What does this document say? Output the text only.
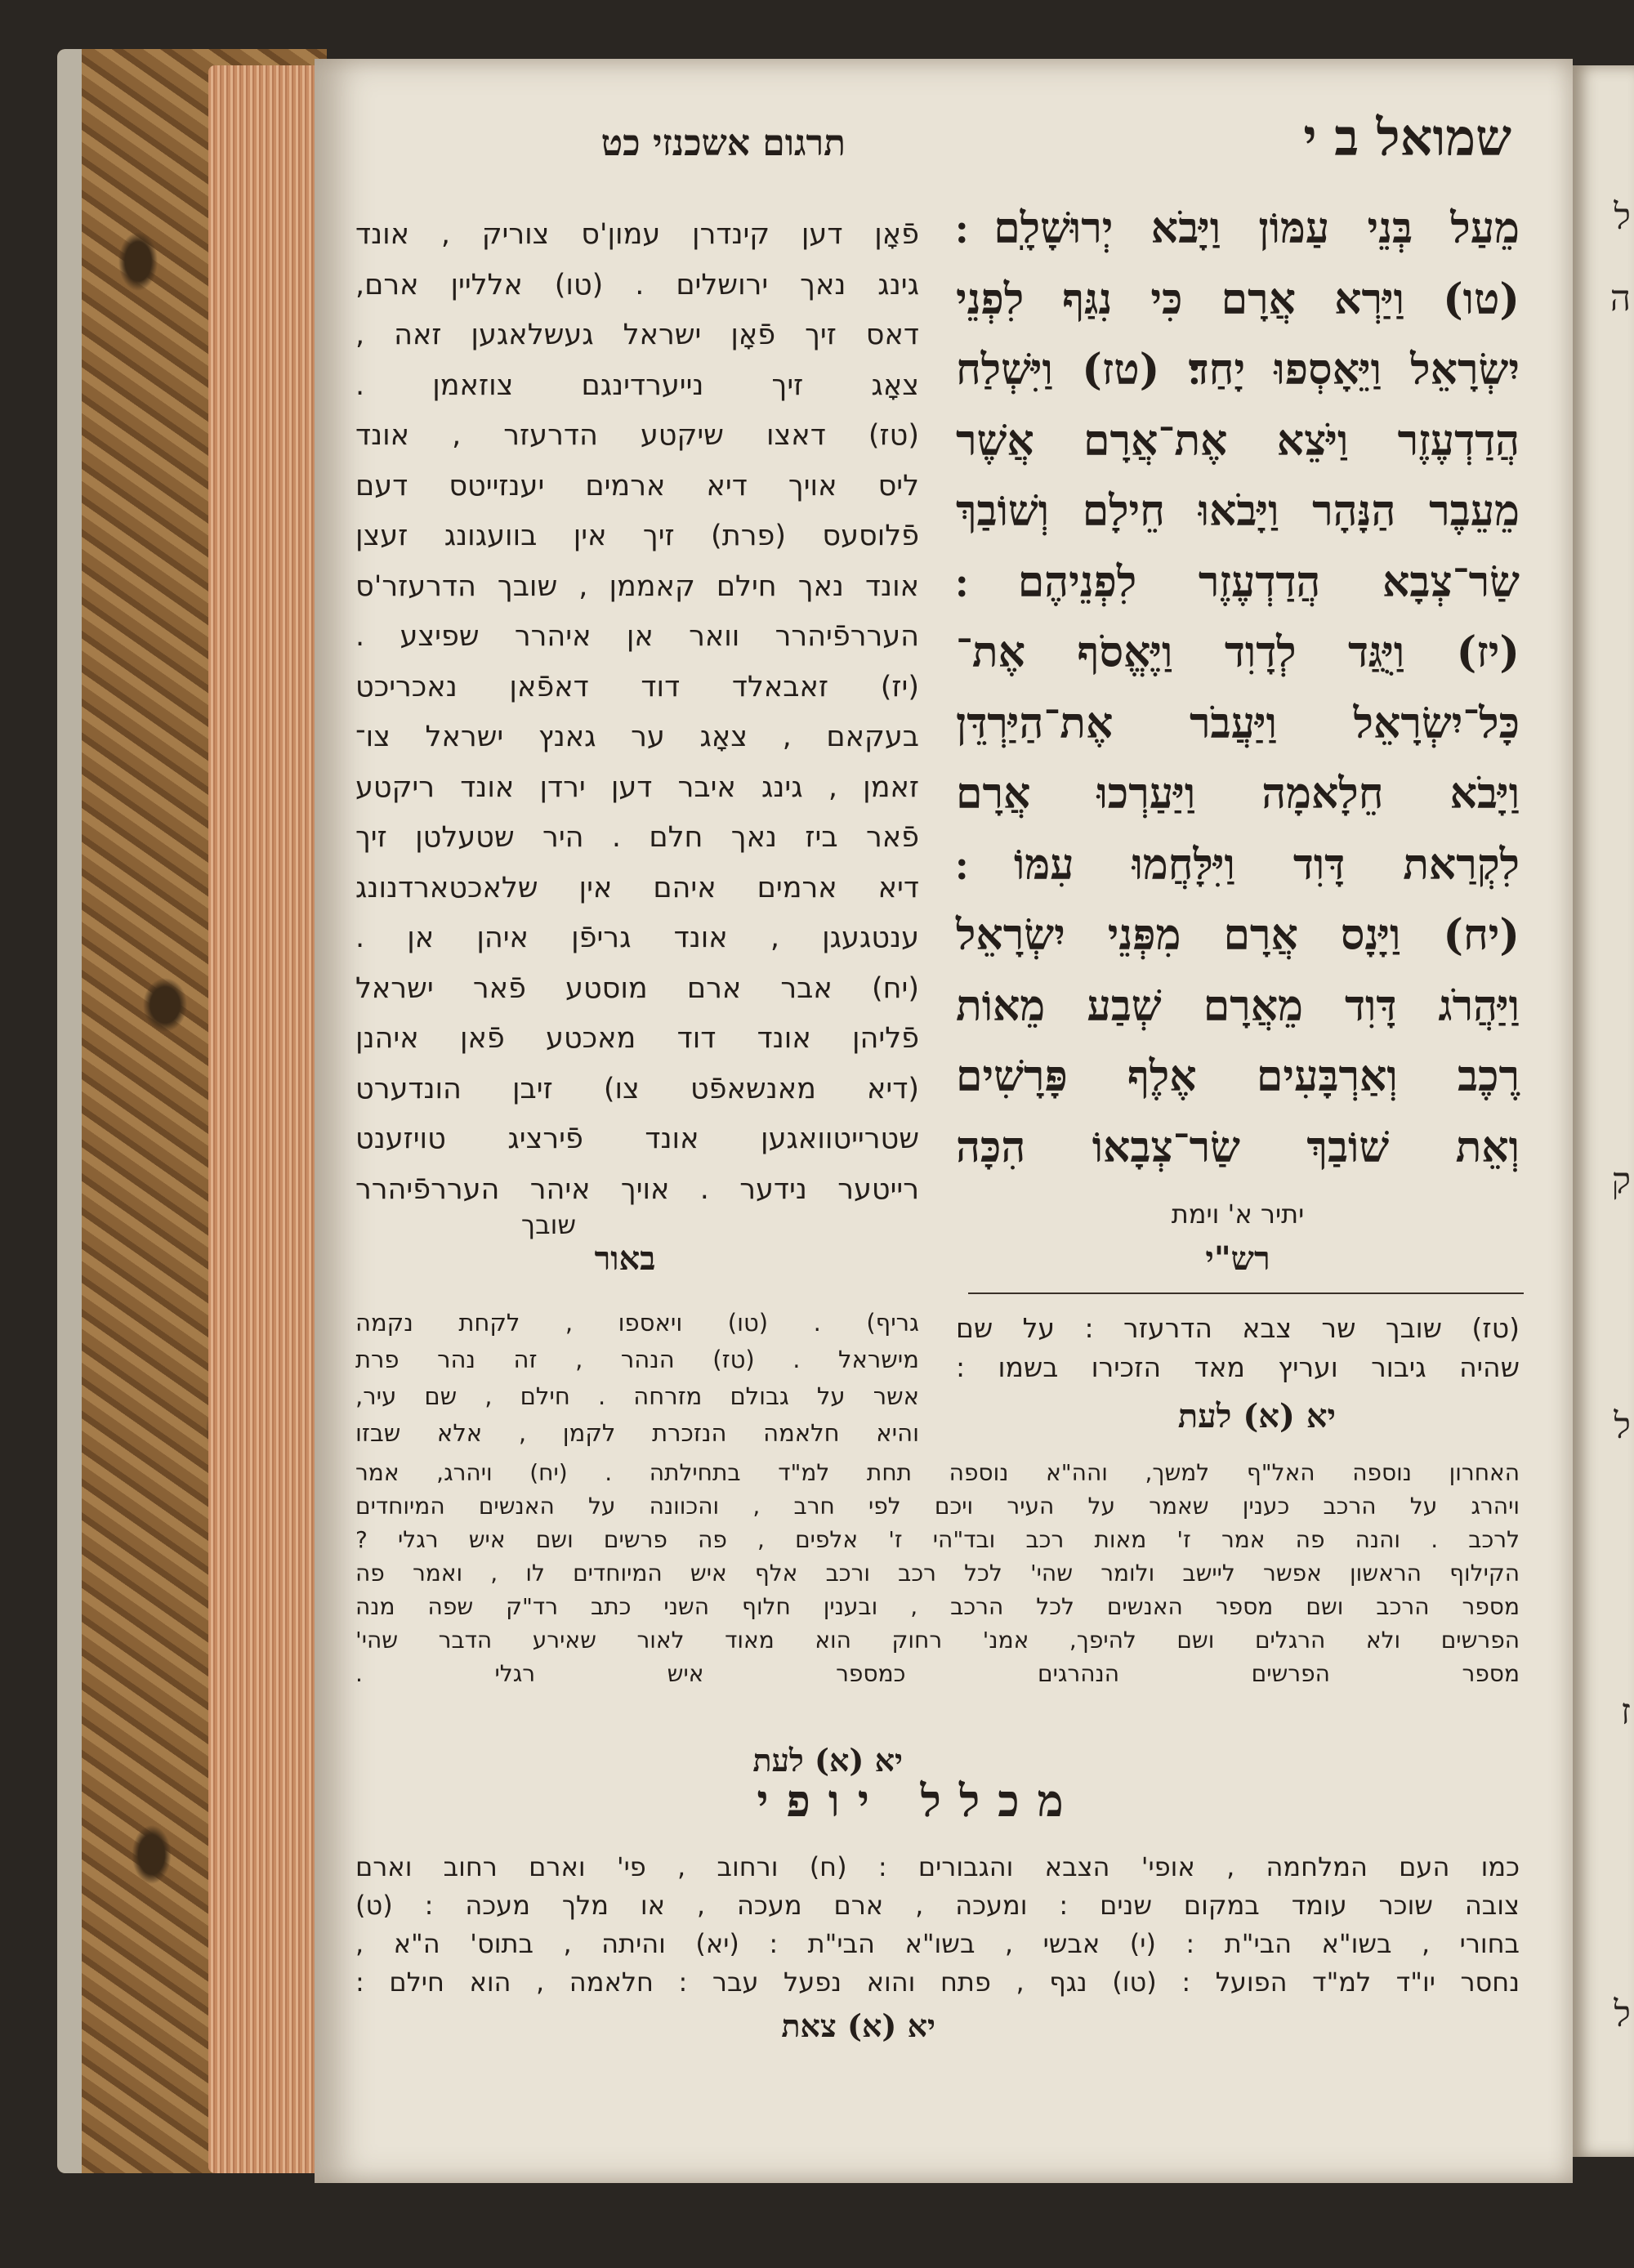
שמואל ב י
תרגום אשכנזי כט
מֵעַל בְּנֵי עַמּוֹן וַיָּבֹא יְרוּשָׁלָֽם ׃
(טו) וַיַּרְא אֲרָם כִּי נִגַּף לִפְנֵי
יִשְׂרָאֵל וַיֵּאָסְפוּ יָחַד׃ (טז) וַיִּשְׁלַח
הֲדַדְעֶזֶר וַיֹּצֵא אֶת־אֲרָם אֲשֶׁר
מֵעֵבֶר הַנָּהָר וַיָּבֹאוּ חֵילָם וְשׁוֹבַךְ
שַׂר־צְבָא הֲדַדְעֶזֶר לִפְנֵיהֶם ׃
(יז) וַיֻּגַּד לְדָוִד וַיֶּאֱסֹף אֶת־
כָּל־יִשְׂרָאֵל וַיַּעֲבֹר אֶת־הַיַּרְדֵּן
וַיָּבֹא חֵלָאמָה וַיַּעַרְכוּ אֲרָם
לִקְרַאת דָּוִד וַיִּלָּחֲמוּ עִמּוֹ ׃
(יח) וַיָּנָס אֲרָם מִפְּנֵי יִשְׂרָאֵל
וַיַּהֲרֹג דָּוִד מֵאֲרָם שְׁבַע מֵאוֹת
רֶכֶב וְאַרְבָּעִים אֶלֶף פָּרָשִׁים
וְאֵת שׁוֹבַךְ שַׂר־צְבָאוֹ הִכָּה
יתיר א' וימת
פֿאָן דען קינדרן עמון'ס צוריק , אונד
גינג נאך ירושלים . (טו) אלליין ארם,
דאס זיך פֿאָן ישראל געשלאגען זאה ,
צאָג זיך נייערדינגם צוזאמן .
(טז) דאצו שיקטע הדרעזר , אונד
ליס אויך דיא ארמים יענזייטס דעם
פֿלוסעס (פרת) זיך אין בוועגונג זעצן
אונד נאך חילם קאממן , שובך הדרעזר'ס
העררפֿיהרר וואר אן איהרר שפיצע .
(יז) זאבאלד דוד דאפֿאן נאכריכט
בעקאם , צאָג ער גאנץ ישראל צו־
זאמן , גינג איבר דען ירדן אונד ריקטע
פֿאר ביז נאך חלם . היר שטעלטן זיך
דיא ארמים איהם אין שלאכטארדנונג
ענטגעגן , אונד גריפֿן איהן אן .
(יח) אבר ארם מוסטע פֿאר ישראל
פֿליהן אונד דוד מאכטע פֿאן איהנן
(דיא מאנשאפֿט צו) זיבן הונדערט
שטרייטוואגען אונד פֿירציג טויזענט
רייטער נידער . אויך איהר העררפֿיהרר
שובך
באור
גריף) . (טו) ויאספו , לקחת נקמה
מישראל . (טז) הנהר , זה נהר פרת
אשר על גבולם מזרחה . חילם , שם עיר,
והיא חלאמה הנזכרת לקמן , אלא שבזו
רש"י
(טז) שובך שר צבא הדרעזר : על שם
שהיה גיבור ועריץ מאד הזכירו בשמו :
יא (א) לעת
האחרון נוספה האל"ף למשך, והה"א נוספה תחת למ"ד בתחילתה . (יח) ויהרג, אמר
ויהרג על הרכב כענין שאמר על העיר ויכם לפי חרב , והכוונה על האנשים המיוחדים
לרכב . והנה פה אמר ז' מאות רכב ובד"הי ז' אלפים , פה פרשים ושם איש רגלי ?
הקילוף הראשון אפשר ליישב ולומר שהי' לכל רכב ורכב אלף איש המיוחדים לו , ואמר פה
מספר הרכב ושם מספר האנשים לכל הרכב , ובענין חלוף השני כתב רד"ק שפה מנה
הפרשים ולא הרגלים ושם להיפך, אמנ' רחוק הוא מאוד לאור שאירע הדבר שהי'
מספר הפרשים הנהרגים כמספר איש רגלי .
יא (א) לעת
מכלל יופי
כמו העם המלחמה , אופי' הצבא והגבורים : (ח) ורחוב , פי' וארם רחוב וארם
צובה שוכר עומד במקום שנים : ומעכה , ארם מעכה , או מלך מעכה : (ט)
בחורי , בשו"א הבי"ת : (י) אבשי , בשו"א הבי"ת : (יא) והיתה , בתוס' ה"א ,
נחסר יו"ד למ"ד הפועל : (טו) נגף , פתח והוא נפעל עבר : חלאמה , הוא חילם :
יא (א) צאת
ל
ה
ק
ל
ז
ל
